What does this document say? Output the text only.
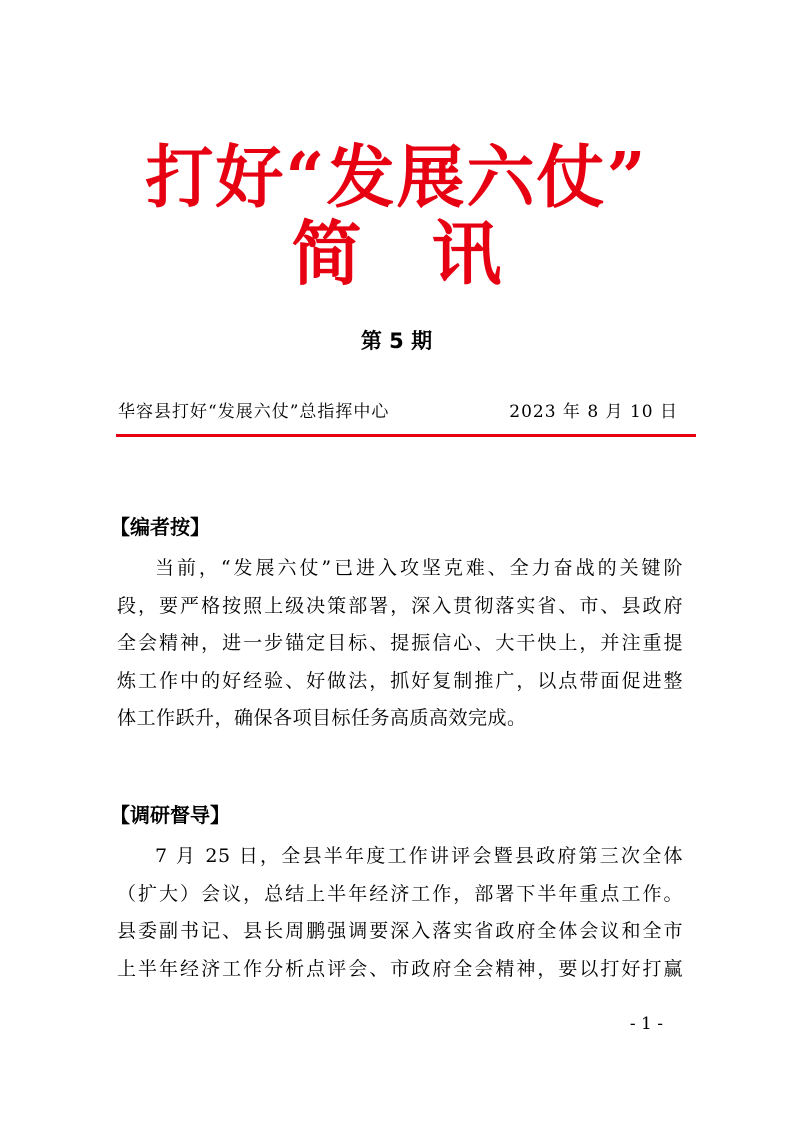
打好“发展六仗”
简 讯
第 5 期
华容县打好“发展六仗”总指挥中心	2023 年 8 月 10 日
【编者按】
当前，“发展六仗”已进入攻坚克难、全力奋战的关键阶
段，要严格按照上级决策部署，深入贯彻落实省、市、县政府
全会精神，进一步锚定目标、提振信心、大干快上，并注重提
炼工作中的好经验、好做法，抓好复制推广，以点带面促进整
体工作跃升，确保各项目标任务高质高效完成。
【调研督导】
7 月 25 日，全县半年度工作讲评会暨县政府第三次全体
（扩大）会议，总结上半年经济工作，部署下半年重点工作。
县委副书记、县长周鹏强调要深入落实省政府全体会议和全市
上半年经济工作分析点评会、市政府全会精神，要以打好打赢
- 1 -
